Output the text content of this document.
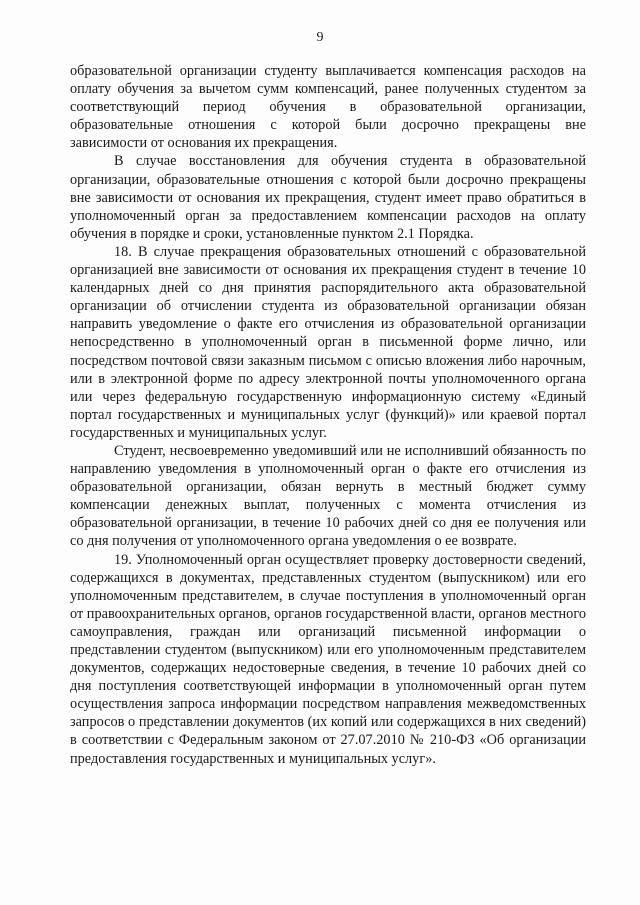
9

образовательной организации студенту выплачивается компенсация расходов на оплату обучения за вычетом сумм компенсаций, ранее полученных студентом за соответствующий период обучения в образовательной организации, образовательные отношения с которой были досрочно прекращены вне зависимости от основания их прекращения.

В случае восстановления для обучения студента в образовательной организации, образовательные отношения с которой были досрочно прекращены вне зависимости от основания их прекращения, студент имеет право обратиться в уполномоченный орган за предоставлением компенсации расходов на оплату обучения в порядке и сроки, установленные пунктом 2.1 Порядка.

18. В случае прекращения образовательных отношений с образовательной организацией вне зависимости от основания их прекращения студент в течение 10 календарных дней со дня принятия распорядительного акта образовательной организации об отчислении студента из образовательной организации обязан направить уведомление о факте его отчисления из образовательной организации непосредственно в уполномоченный орган в письменной форме лично, или посредством почтовой связи заказным письмом с описью вложения либо нарочным, или в электронной форме по адресу электронной почты уполномоченного органа или через федеральную государственную информационную систему «Единый портал государственных и муниципальных услуг (функций)» или краевой портал государственных и муниципальных услуг.

Студент, несвоевременно уведомивший или не исполнивший обязанность по направлению уведомления в уполномоченный орган о факте его отчисления из образовательной организации, обязан вернуть в местный бюджет сумму компенсации денежных выплат, полученных с момента отчисления из образовательной организации, в течение 10 рабочих дней со дня ее получения или со дня получения от уполномоченного органа уведомления о ее возврате.

19. Уполномоченный орган осуществляет проверку достоверности сведений, содержащихся в документах, представленных студентом (выпускником) или его уполномоченным представителем, в случае поступления в уполномоченный орган от правоохранительных органов, органов государственной власти, органов местного самоуправления, граждан или организаций письменной информации о представлении студентом (выпускником) или его уполномоченным представителем документов, содержащих недостоверные сведения, в течение 10 рабочих дней со дня поступления соответствующей информации в уполномоченный орган путем осуществления запроса информации посредством направления межведомственных запросов о представлении документов (их копий или содержащихся в них сведений) в соответствии с Федеральным законом от 27.07.2010 № 210-ФЗ «Об организации предоставления государственных и муниципальных услуг».
